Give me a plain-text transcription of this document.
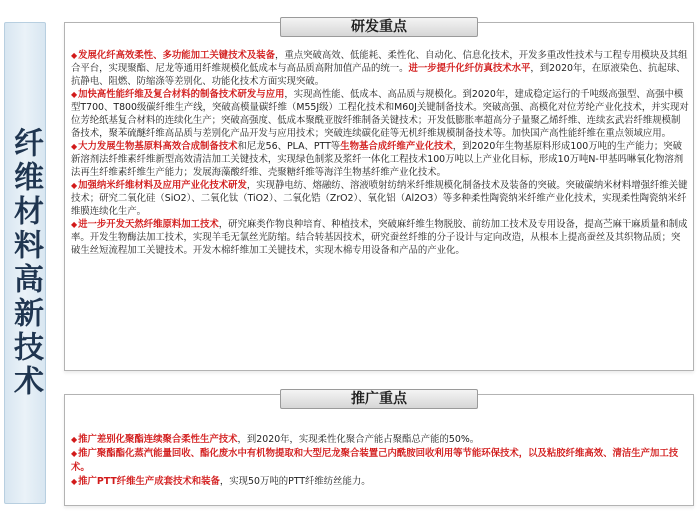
纤维材料高新技术
研发重点

◆发展化纤高效柔性、多功能加工关键技术及装备，重点突破高效、低能耗、柔性化、自动化、信息化技术，开发多重改性技术与工程专用模块及其组合平台，实现聚酯、尼龙等通用纤维规模化低成本与高品质高附加值产品的统一。进一步提升化纤仿真技术水平，到2020年，在原液染色、抗起球、抗静电、阻燃、防缩涤等差别化、功能化技术方面实现突破。

◆加快高性能纤维及复合材料的制备技术研发与应用，实现高性能、低成本、高品质与规模化。到2020年，建成稳定运行的千吨级高强型、高强中模型T700、T800级碳纤维生产线，突破高模量碳纤维（M55J级）工程化技术和M60J关键制备技术。突破高强、高模化对位芳纶产业化技术，并实现对位芳纶纸基复合材料的连续化生产；突破高强度、低成本聚酰亚胺纤维制备关键技术；开发低膨胀率超高分子量聚乙烯纤维、连续玄武岩纤维规模制备技术，聚苯硫醚纤维高品质与差别化产品开发与应用技术；突破连续碳化硅等无机纤维规模制备技术等。加快国产高性能纤维在重点领域应用。

◆大力发展生物基原料高效合成制备技术和尼龙56、PLA、PTT等生物基合成纤维产业化技术，到2020年生物基原料形成100万吨的生产能力；突破新溶剂法纤维素纤维新型高效清洁加工关键技术，实现绿色制浆及浆纤一体化工程技术100万吨以上产业化目标，形成10万吨N-甲基吗啉氧化物溶剂法再生纤维素纤维生产能力；发展海藻酸纤维、壳聚糖纤维等海洋生物基纤维产业化技术。

◆加强纳米纤维材料及应用产业化技术研发，实现静电纺、熔融纺、溶液喷射纺纳米纤维规模化制备技术及装备的突破。突破碳纳米材料增强纤维关键技术；研究二氧化硅（SiO2）、二氧化钛（TiO2）、二氧化锆（ZrO2）、氧化铝（Al2O3）等多种柔性陶瓷纳米纤维产业化技术，实现柔性陶瓷纳米纤维膜连续化生产。

◆进一步开发天然纤维原料加工技术，研究麻类作物良种培育、种植技术，突破麻纤维生物脱胶、前纺加工技术及专用设备，提高苎麻干麻质量和制成率。开发生物酶法加工技术，实现羊毛无氯丝光防缩。结合转基因技术，研究蚕丝纤维的分子设计与定向改造，从根本上提高蚕丝及其织物品质；突破生丝短流程加工关键技术。开发木棉纤维加工关键技术，实现木棉专用设备和产品的产业化。

推广重点

◆推广差别化聚酯连续聚合柔性生产技术，到2020年，实现柔性化聚合产能占聚酯总产能的50%。

◆推广聚酯酯化蒸汽能量回收、酯化废水中有机物提取和大型尼龙聚合装置己内酰胺回收利用等节能环保技术，以及粘胶纤维高效、清洁生产加工技术。

◆推广PTT纤维生产成套技术和装备，实现50万吨的PTT纤维纺丝能力。
